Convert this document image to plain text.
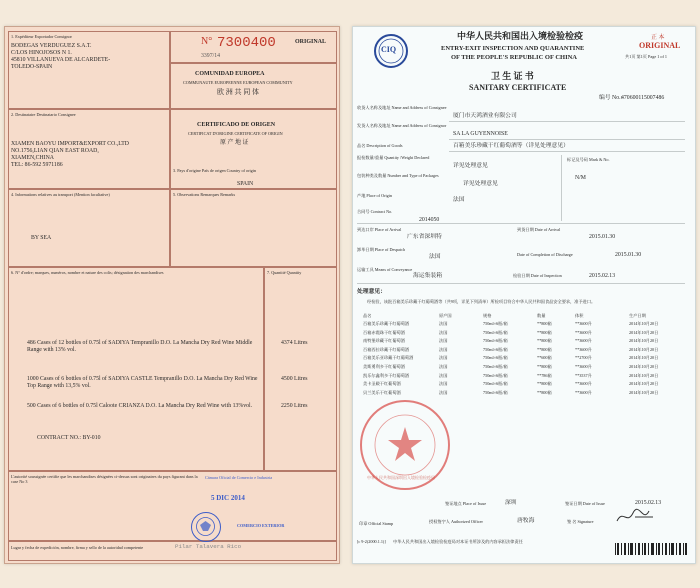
1. Expéditeur Exportador Consignor
BODEGAS VERDUGUEZ S.A.T.
C/LOS HINOJOSOS N 1.
45810 VILLANUEVA DE ALCARDETE-
TOLEDO-SPAIN
N° 7300400	ORIGINAL
3397/14
COMUNIDAD EUROPEA
COMMUNAUTE EUROPEENNE EUROPEAN COMMUNITY
欧 洲 共 同 体
2. Destinataire Destinatario Consignee
XIAMEN BAOYU IMPORT&EXPORT CO.,LTD
NO.1756,LIAN QIAN EAST ROAD,
XIAMEN,CHINA
TEL: 86-592 5971186
CERTIFICADO DE ORIGEN
CERTIFICAT D'ORIGINE CERTIFICATE OF ORIGIN
原 产 地 证
3. Pays d'origine País de origen Country of origin
SPAIN
4. Informations relatives au transport (Mention facultative)
BY SEA
5. Observations Remarques Remarks
6. N° d'ordre; marques, numéros, nombre et nature des colis; désignation des marchandises	7. Quantité Quantity
486 Cases of 12 bottles of 0.75l of SADIYA Tempranillo D.O. La Mancha Dry Red Wine Middle Range with 13% vol.
4374 Litres
1000 Cases of 6 bottles of 0.75l of SADIYA CASTLE Tempranillo D.O. La Mancha Dry Red Wine Top Range with 13,5% vol.
4500 Litres
500 Cases of 6 bottles of 0.75l Caloote CRIANZA D.O. La Mancha Dry Red Wine with 13%vol.	2250 Litres
CONTRACT NO.: BY-010
L'autorité soussignée certifie que les marchandises désignées ci-dessus sont originaires du pays figurant dans la case No 3
Cámara Oficial de Comercio e Industria
5 DIC 2014
COMERCIO EXTERIOR
Pilar Talavera Rico
Lugar y fecha de expedición, nombre, firma y sello de la autoridad competente
CIQ
中华人民共和国出入境检验检疫
ENTRY-EXIT INSPECTION AND QUARANTINE
OF THE PEOPLE'S REPUBLIC OF CHINA
正 本
ORIGINAL
共1页 第1页 Page 1 of 1
卫 生 证 书
SANITARY CERTIFICATE
编号 No.:
470600115007486
收货人名称及地址 Name and Address of Consignee
厦门市天鸿酒业有限公司
发货人名称及地址 Name and Address of Consignor
SA LA GUYENNOISE
品名 Description of Goods	百箱美乐珍藏干红葡萄酒等（详见处理意见）
报检数量/重量 Quantity /Weight Declared
详见处理意见
包装种类及数量 Number and Type of Packages
详见处理意见
产地 Place of Origin
法国
合同号 Contract No.
2014050
标记及号码 Mark & No.
N/M
到达口岸 Place of Arrival
广东省深圳特
到货日期 Date of Arrival
2015.01.30
卸毕日期 Place of Despatch
法国	Date of Completion of Discharge	2015.01.30
运输工具 Means of Conveyance
海运集装箱	检验日期 Date of Inspection	2015.02.13
处理意见：
经检验，该批百箱美乐珍藏干红葡萄酒等（共9项，详见下列清单）所检项目符合中华人民共和国食品安全要求，准予进口。
品名	原产国	规格	数量	体积	生产日期
百箱美乐珍藏干红葡萄酒	法国	750ml×6瓶/箱	**800箱	**3600升	2014年10月20日
百箱赤霞珠干红葡萄酒	法国	750ml×6瓶/箱	**800箱	**3600升	2014年10月20日
南特堡珍藏干红葡萄酒	法国	750ml×6瓶/箱	**800箱	**3600升	2014年10月20日
百箱西拉珍藏干红葡萄酒	法国	750ml×6瓶/箱	**800箱	**3600升	2014年10月20日
百箱美乐亚珍藏干红葡萄酒	法国	750ml×6瓶/箱	**600箱	**2700升	2014年10月20日
美斯勇利多干红葡萄酒	法国	750ml×6瓶/箱	**800箱	**3600升	2014年10月20日
凯乐尔鑫利多干红葡萄酒	法国	750ml×6瓶/箱	**786箱	**3537升	2014年10月20日
美卡圣殿干红葡萄酒	法国	750ml×6瓶/箱	**800箱	**3600升	2014年10月20日
贝兰美乐干红葡萄酒	法国	750ml×6瓶/箱	**800箱	**3600升	2014年10月20日
中华人民共和国深圳出入境检验检疫局
印章 Official Stamp
签证地点 Place of Issue	深圳	签证日期 Date of Issue	2015.02.13
授权签字人 Authorized Officer	唐牧海	签 名 Signature
[c 9-2(2000.1.1)] 中华人民共和国出入境检验检疫局对本证书所涉及的内容承担法律责任
